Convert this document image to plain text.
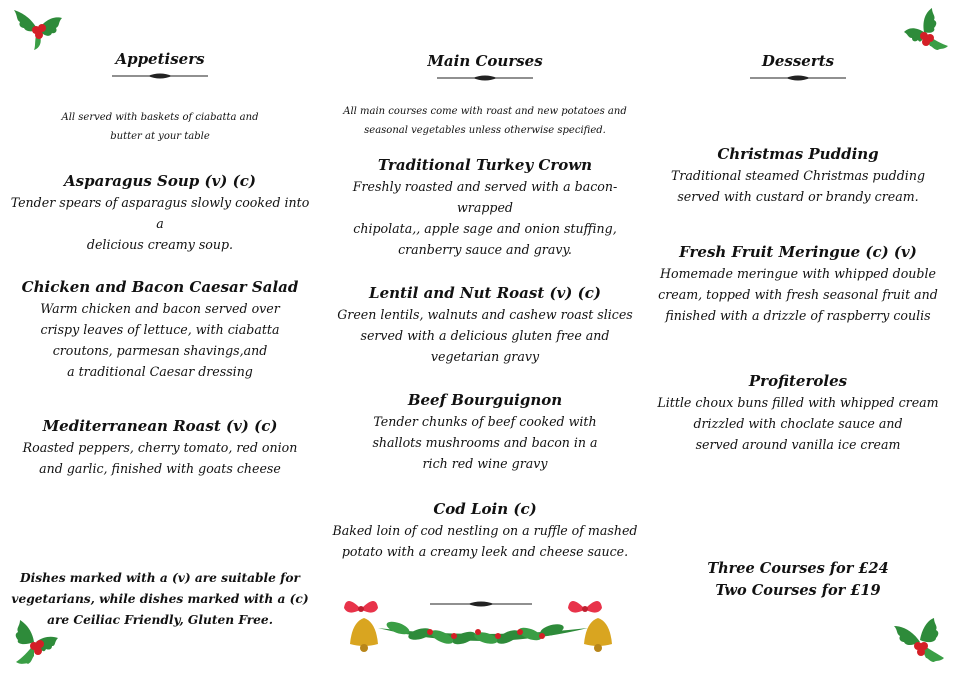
Appetisers
All served with baskets of ciabatta and
butter at your table
Asparagus Soup (v) (c)
Tender spears of asparagus slowly cooked into a
delicious creamy soup.
Chicken and Bacon Caesar Salad
Warm chicken and bacon served over
crispy leaves of lettuce, with ciabatta
croutons, parmesan shavings,and
a traditional Caesar dressing
Mediterranean Roast (v) (c)
Roasted peppers, cherry tomato, red onion
and garlic, finished with goats cheese
Dishes marked with a (v) are suitable for
vegetarians, while dishes marked with a (c)
are Ceiliac Friendly, Gluten Free.
Main Courses
All main courses come with roast and new potatoes and
seasonal vegetables unless otherwise specified.
Traditional Turkey Crown
Freshly roasted and served with a bacon-wrapped
chipolata,, apple sage and onion stuffing,
cranberry sauce and gravy.
Lentil and Nut Roast (v) (c)
Green lentils, walnuts and cashew roast slices
served with a delicious gluten free and
vegetarian gravy
Beef Bourguignon
Tender chunks of beef cooked with
shallots mushrooms and bacon in a
rich red wine gravy
Cod Loin (c)
Baked loin of cod nestling on a ruffle of mashed
potato with a creamy leek and cheese sauce.
Desserts
Christmas Pudding
Traditional steamed Christmas pudding
served with custard or brandy cream.
Fresh Fruit Meringue (c) (v)
Homemade meringue with whipped double
cream, topped with fresh seasonal fruit and
finished with a drizzle of raspberry coulis
Profiteroles
Little choux buns filled with whipped cream
drizzled with choclate sauce and
served around vanilla ice cream
Three Courses for £24
Two Courses for £19
